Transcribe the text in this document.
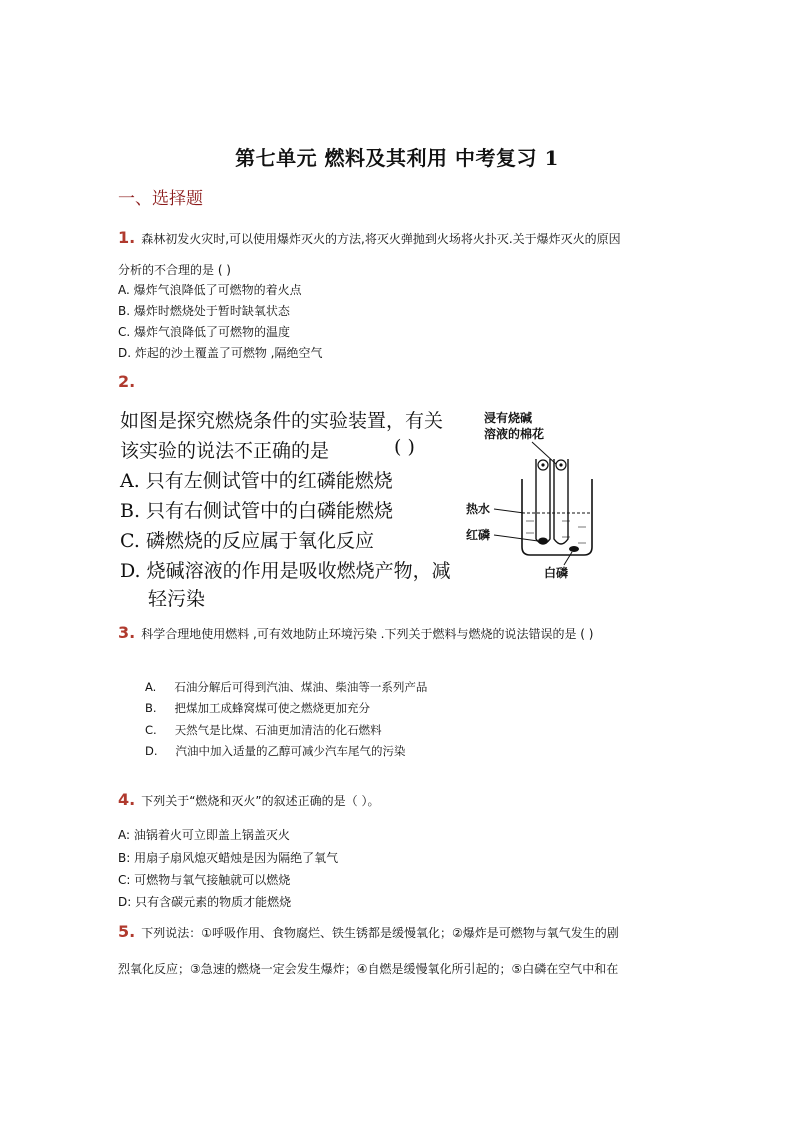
第七单元 燃料及其利用 中考复习 1
一、选择题
1. 森林初发火灾时,可以使用爆炸灭火的方法,将灭火弹抛到火场将火扑灭.关于爆炸灭火的原因
分析的不合理的是 ( )
A. 爆炸气浪降低了可燃物的着火点
B. 爆炸时燃烧处于暂时缺氧状态
C. 爆炸气浪降低了可燃物的温度
D. 炸起的沙土覆盖了可燃物 ,隔绝空气
2.
如图是探究燃烧条件的实验装置，有关
该实验的说法不正确的是	( )
A. 只有左侧试管中的红磷能燃烧
B. 只有右侧试管中的白磷能燃烧
C. 磷燃烧的反应属于氧化反应
D. 烧碱溶液的作用是吸收燃烧产物，减
轻污染
浸有烧碱
溶液的棉花
热水
红磷
白磷
3. 科学合理地使用燃料 ,可有效地防止环境污染 .下列关于燃料与燃烧的说法错误的是 ( )
A. 石油分解后可得到汽油、煤油、柴油等一系列产品
B. 把煤加工成蜂窝煤可使之燃烧更加充分
C. 天然气是比煤、石油更加清洁的化石燃料
D. 汽油中加入适量的乙醇可减少汽车尾气的污染
4. 下列关于“燃烧和灭火”的叙述正确的是（ ）。
A: 油锅着火可立即盖上锅盖灭火
B: 用扇子扇风熄灭蜡烛是因为隔绝了氧气
C: 可燃物与氧气接触就可以燃烧
D: 只有含碳元素的物质才能燃烧
5. 下列说法：①呼吸作用、食物腐烂、铁生锈都是缓慢氧化；②爆炸是可燃物与氧气发生的剧
烈氧化反应；③急速的燃烧一定会发生爆炸；④自燃是缓慢氧化所引起的；⑤白磷在空气中和在
